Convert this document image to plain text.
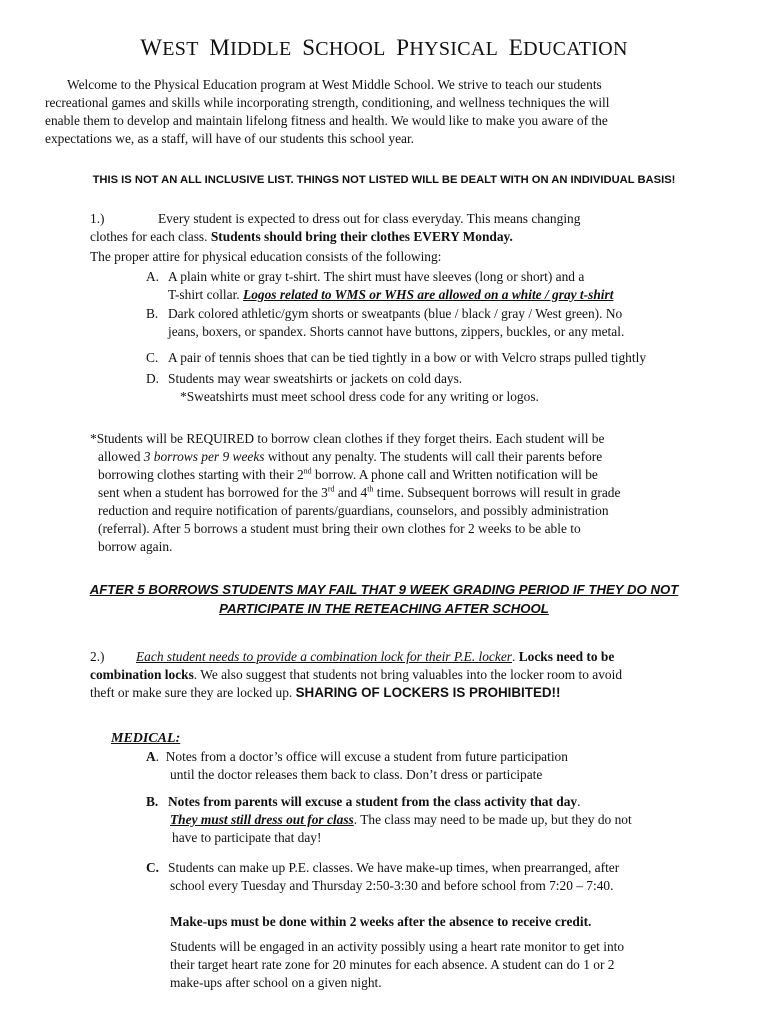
WEST MIDDLE SCHOOL PHYSICAL EDUCATION
Welcome to the Physical Education program at West Middle School. We strive to teach our students
recreational games and skills while incorporating strength, conditioning, and wellness techniques the will
enable them to develop and maintain lifelong fitness and health. We would like to make you aware of the
expectations we, as a staff, will have of our students this school year.
THIS IS NOT AN ALL INCLUSIVE LIST. THINGS NOT LISTED WILL BE DEALT WITH ON AN INDIVIDUAL BASIS!
1.)	Every student is expected to dress out for class everyday. This means changing
clothes for each class. Students should bring their clothes EVERY Monday.
The proper attire for physical education consists of the following:
A. A plain white or gray t-shirt. The shirt must have sleeves (long or short) and a
T-shirt collar. Logos related to WMS or WHS are allowed on a white / gray t-shirt
B. Dark colored athletic/gym shorts or sweatpants (blue / black / gray / West green). No
jeans, boxers, or spandex. Shorts cannot have buttons, zippers, buckles, or any metal.
C. A pair of tennis shoes that can be tied tightly in a bow or with Velcro straps pulled tightly
D. Students may wear sweatshirts or jackets on cold days.
*Sweatshirts must meet school dress code for any writing or logos.
*Students will be REQUIRED to borrow clean clothes if they forget theirs. Each student will be
allowed 3 borrows per 9 weeks without any penalty. The students will call their parents before
borrowing clothes starting with their 2nd borrow. A phone call and Written notification will be
sent when a student has borrowed for the 3rd and 4th time. Subsequent borrows will result in grade
reduction and require notification of parents/guardians, counselors, and possibly administration
(referral). After 5 borrows a student must bring their own clothes for 2 weeks to be able to
borrow again.
AFTER 5 BORROWS STUDENTS MAY FAIL THAT 9 WEEK GRADING PERIOD IF THEY DO NOT
PARTICIPATE IN THE RETEACHING AFTER SCHOOL
2.) Each student needs to provide a combination lock for their P.E. locker. Locks need to be
combination locks. We also suggest that students not bring valuables into the locker room to avoid
theft or make sure they are locked up. SHARING OF LOCKERS IS PROHIBITED!!
MEDICAL:
A. Notes from a doctor’s office will excuse a student from future participation
until the doctor releases them back to class. Don’t dress or participate
B. Notes from parents will excuse a student from the class activity that day.
They must still dress out for class. The class may need to be made up, but they do not
have to participate that day!
C. Students can make up P.E. classes. We have make-up times, when prearranged, after
school every Tuesday and Thursday 2:50-3:30 and before school from 7:20 – 7:40.
Make-ups must be done within 2 weeks after the absence to receive credit.
Students will be engaged in an activity possibly using a heart rate monitor to get into
their target heart rate zone for 20 minutes for each absence. A student can do 1 or 2
make-ups after school on a given night.
